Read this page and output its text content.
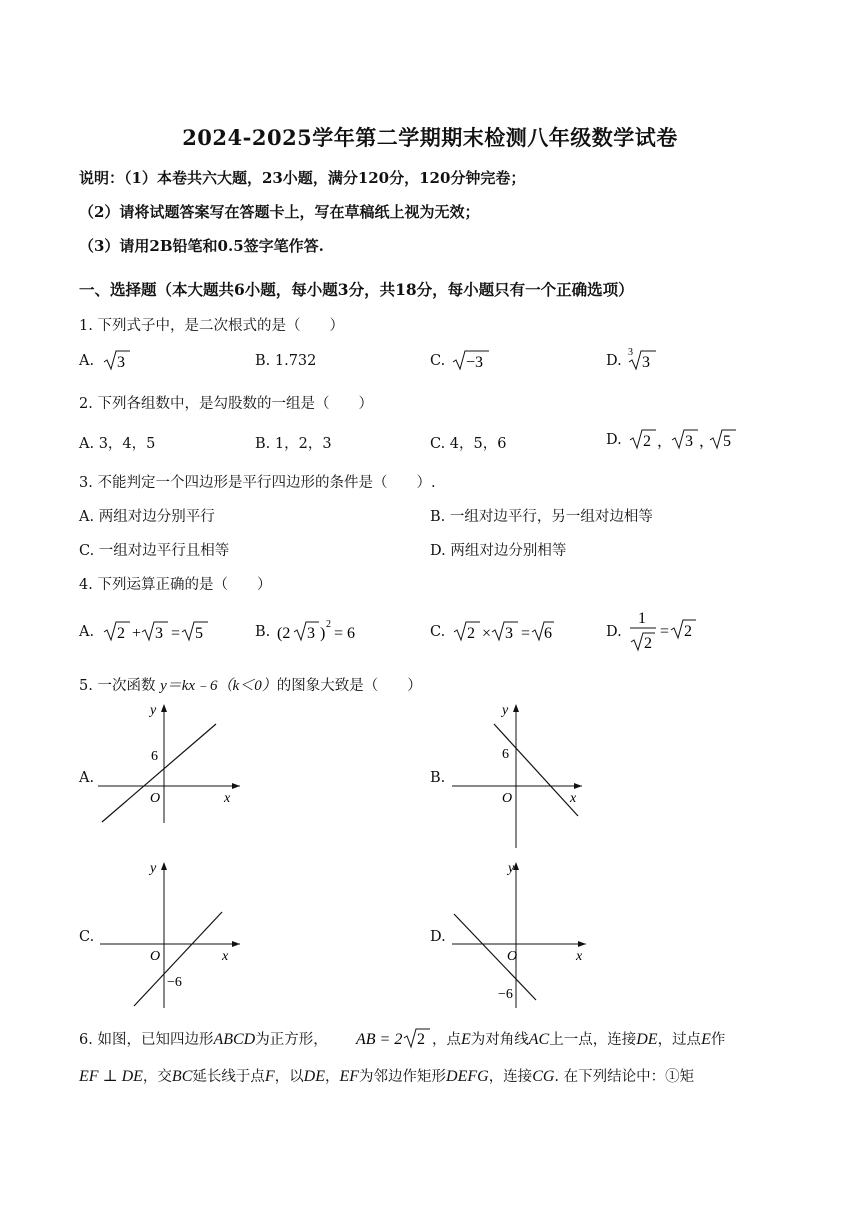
2024-2025学年第二学期期末检测八年级数学试卷
说明：（1）本卷共六大题，23小题，满分120分，120分钟完卷；
（2）请将试题答案写在答题卡上，写在草稿纸上视为无效；
（3）请用2B铅笔和0.5签字笔作答.
一、选择题（本大题共6小题，每小题3分，共18分，每小题只有一个正确选项）
1. 下列式子中，是二次根式的是（　　）
A. 3	B. 1.732	C. −3	D.
3
3
2. 下列各组数中，是勾股数的一组是（　　）
A. 3，4，5	B. 1，2，3	C. 4，5，6	D. 2 ， 3 ， 5
3. 不能判定一个四边形是平行四边形的条件是（　　）.
A. 两组对边分别平行	B. 一组对边平行，另一组对边相等
C. 一组对边平行且相等	D. 两组对边分别相等
4. 下列运算正确的是（　　）
A. 2 + 3 = 5	B. (2 3 )
2
= 6	C. 2 × 3 = 6	D.
1
2
= 2
5. 一次函数 y＝kx﹣6（k＜0）的图象大致是（　　）
A.
y
x
O
6
B.
y
x
O
6
C.
y
x
O
−6
D.
y
x
O
−6
6. 如图，已知四边形ABCD为正方形， AB = 2 2 ，点E为对角线AC上一点，连接DE，过点E作
EF ⊥ DE，交BC延长线于点F，以DE，EF为邻边作矩形DEFG，连接CG. 在下列结论中：①矩
